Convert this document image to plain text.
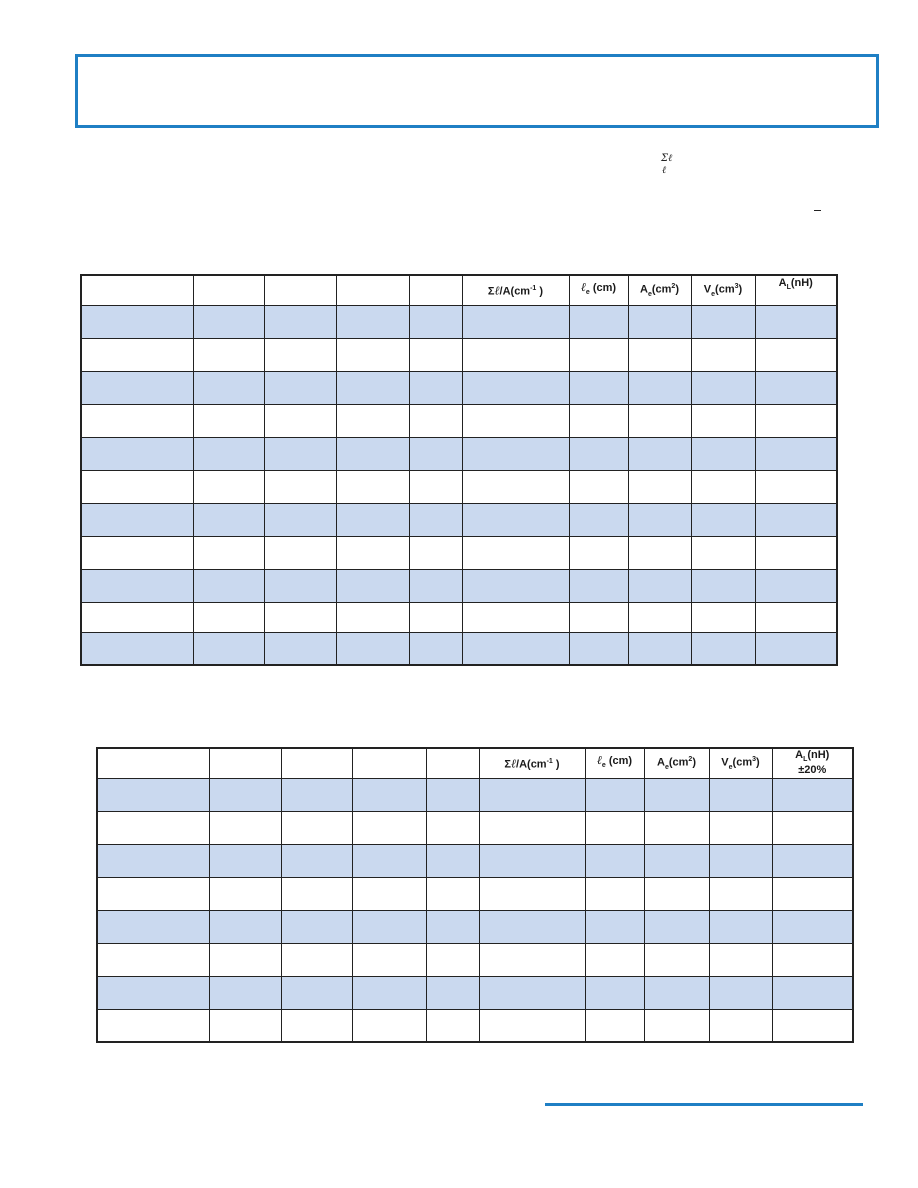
Σℓ
ℓ
					$\Sigma\ell/A(cm^{-1}$ )	ℓ$_e$ (cm)	$A_e(cm^2)$	$V_e(cm^3)$	$A_L(nH)$

					$\Sigma\ell/A(cm^{-1}$ )	ℓ$_e$ (cm)	$A_e(cm^2)$	$V_e(cm^3)$	$A_L(nH)$
±20%
